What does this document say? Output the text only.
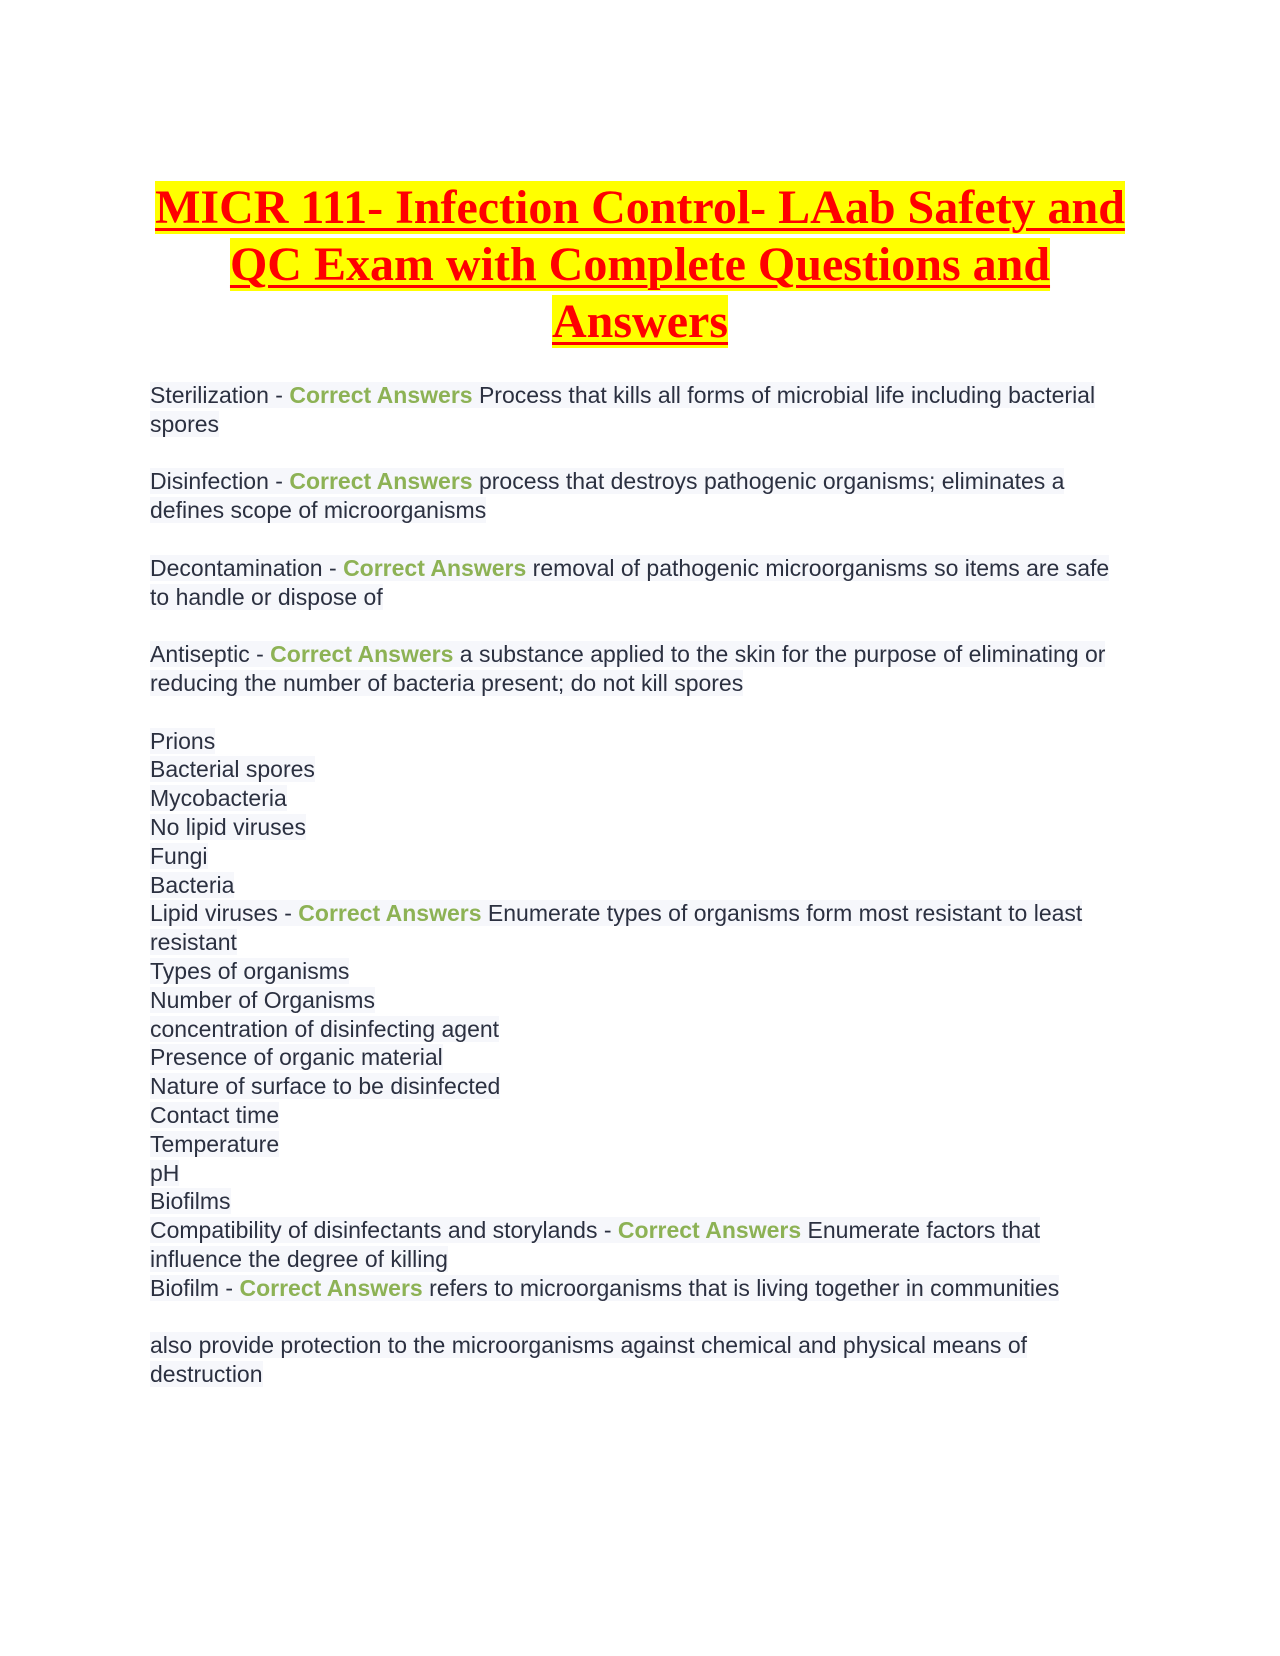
MICR 111- Infection Control- LAab Safety and QC Exam with Complete Questions and Answers

Sterilization - Correct Answers Process that kills all forms of microbial life including bacterial spores

Disinfection - Correct Answers process that destroys pathogenic organisms; eliminates a defines scope of microorganisms

Decontamination - Correct Answers removal of pathogenic microorganisms so items are safe to handle or dispose of

Antiseptic - Correct Answers a substance applied to the skin for the purpose of eliminating or reducing the number of bacteria present; do not kill spores

Prions
Bacterial spores
Mycobacteria
No lipid viruses
Fungi
Bacteria
Lipid viruses - Correct Answers Enumerate types of organisms form most resistant to least resistant
Types of organisms
Number of Organisms
concentration of disinfecting agent
Presence of organic material
Nature of surface to be disinfected
Contact time
Temperature
pH
Biofilms
Compatibility of disinfectants and storylands - Correct Answers Enumerate factors that influence the degree of killing

Biofilm - Correct Answers refers to microorganisms that is living together in communities

also provide protection to the microorganisms against chemical and physical means of destruction
